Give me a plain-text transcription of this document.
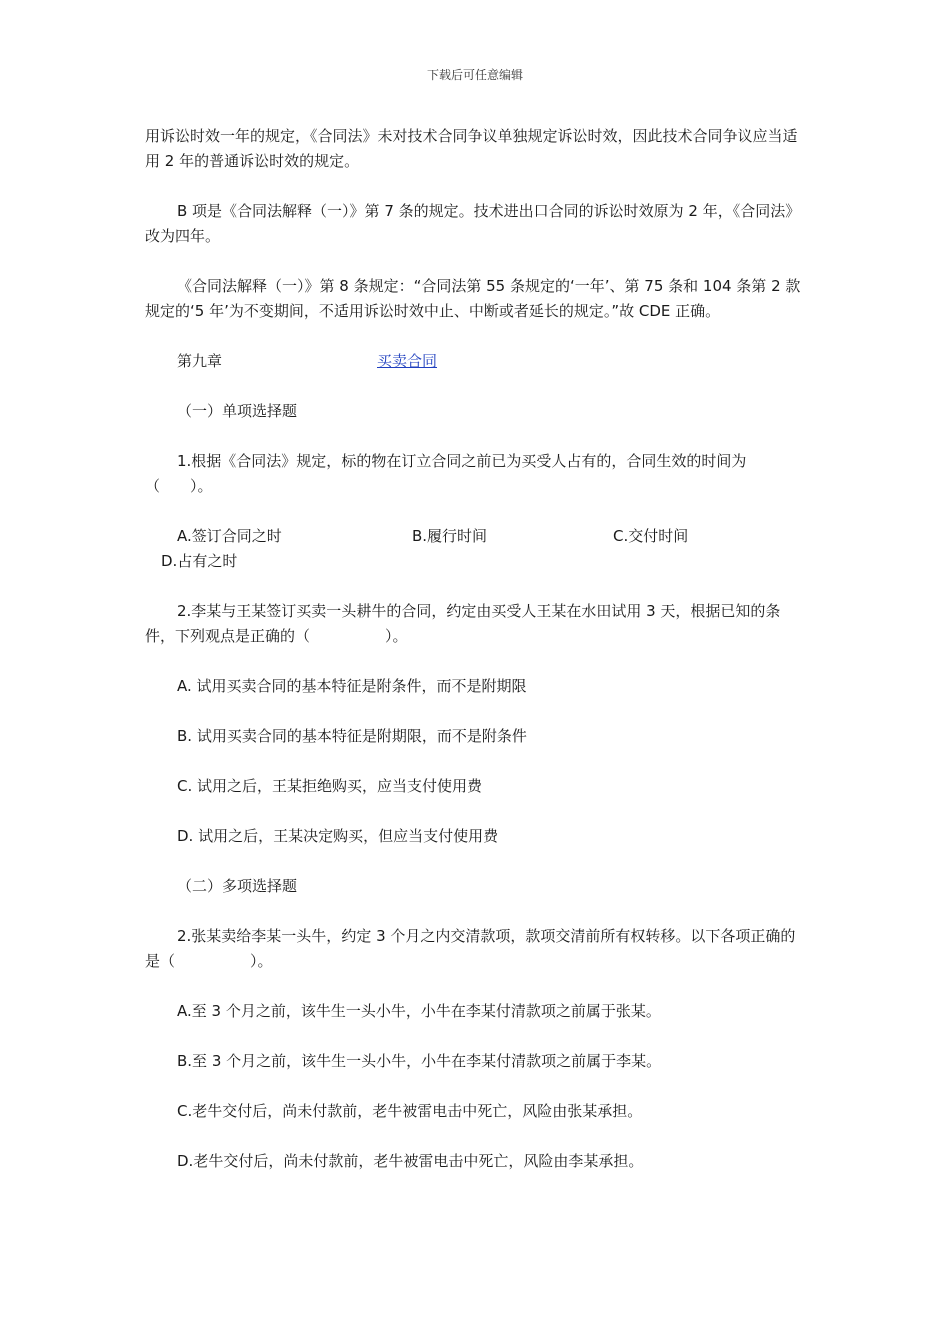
下载后可任意编辑

用诉讼时效一年的规定，《合同法》未对技术合同争议单独规定诉讼时效，因此技术合同争议应当适用 2 年的普通诉讼时效的规定。

B 项是《合同法解释（一）》第 7 条的规定。技术进出口合同的诉讼时效原为 2 年，《合同法》改为四年。

《合同法解释（一）》第 8 条规定：“合同法第 55 条规定的‘一年’、第 75 条和 104 条第 2 款规定的‘5 年’为不变期间，不适用诉讼时效中止、中断或者延长的规定。”故 CDE 正确。

第九章	买卖合同

（一）单项选择题

1.根据《合同法》规定，标的物在订立合同之前已为买受人占有的，合同生效的时间为（　　）。

A.签订合同之时	B.履行时间	C.交付时间

D.占有之时

2.李某与王某签订买卖一头耕牛的合同，约定由买受人王某在水田试用 3 天，根据已知的条件，下列观点是正确的（　　　　　）。

A. 试用买卖合同的基本特征是附条件，而不是附期限

B. 试用买卖合同的基本特征是附期限，而不是附条件

C. 试用之后，王某拒绝购买，应当支付使用费

D. 试用之后，王某决定购买，但应当支付使用费

（二）多项选择题

2.张某卖给李某一头牛，约定 3 个月之内交清款项，款项交清前所有权转移。以下各项正确的是（　　　　　）。

A.至 3 个月之前，该牛生一头小牛，小牛在李某付清款项之前属于张某。

B.至 3 个月之前，该牛生一头小牛，小牛在李某付清款项之前属于李某。

C.老牛交付后，尚未付款前，老牛被雷电击中死亡，风险由张某承担。

D.老牛交付后，尚未付款前，老牛被雷电击中死亡，风险由李某承担。
